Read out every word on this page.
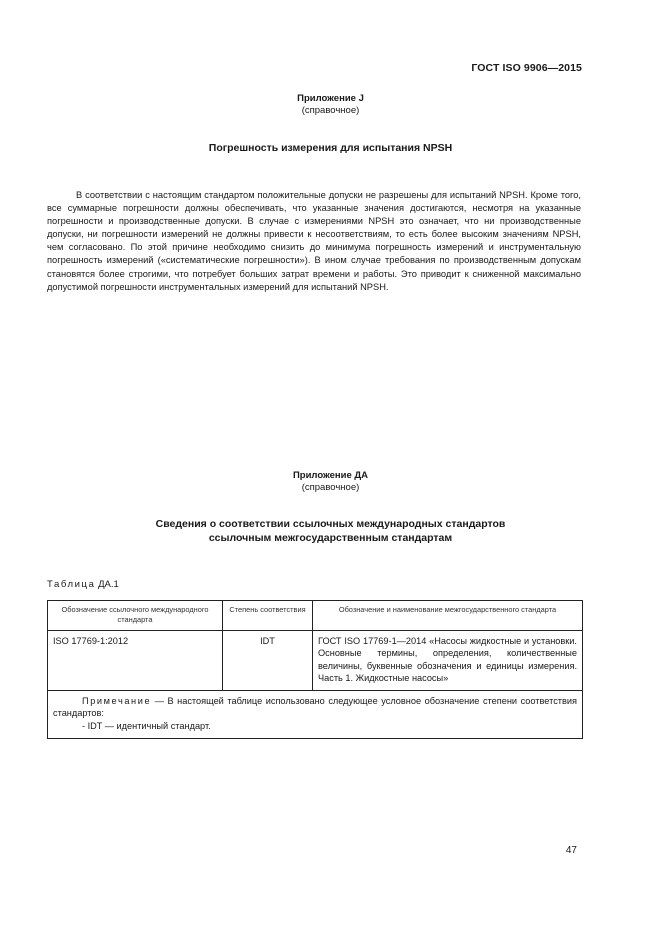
ГОСТ ISO 9906—2015
Приложение J
(справочное)
Погрешность измерения для испытания NPSH

В соответствии с настоящим стандартом положительные допуски не разрешены для испытаний NPSH. Кроме того, все суммарные погрешности должны обеспечивать, что указанные значения достигаются, несмотря на указанные погрешности и производственные допуски. В случае с измерениями NPSH это означает, что ни производственные допуски, ни погрешности измерений не должны привести к несоответствиям, то есть более высоким значениям NPSH, чем согласовано. По этой причине необходимо снизить до минимума погрешность измерений и инструментальную погрешность измерений («систематические погрешности»). В ином случае требования по производственным допускам становятся более строгими, что потребует больших затрат времени и работы. Это приводит к сниженной максимально допустимой погрешности инструментальных измерений для испытаний NPSH.

Приложение ДА
(справочное)
Сведения о соответствии ссылочных международных стандартов
ссылочным межгосударственным стандартам
Таблица ДА.1
Обозначение ссылочного международного стандарта	Степень соответствия	Обозначение и наименование межгосударственного стандарта
ISO 17769-1:2012	IDT	ГОСТ ISO 17769-1—2014 «Насосы жидкостные и установки. Основные термины, определения, количественные величины, буквенные обозначения и единицы измерения. Часть 1. Жидкостные насосы»

Примечание — В настоящей таблице использовано следующее условное обозначение степени соответствия стандартов:
- IDT — идентичный стандарт.		
47
